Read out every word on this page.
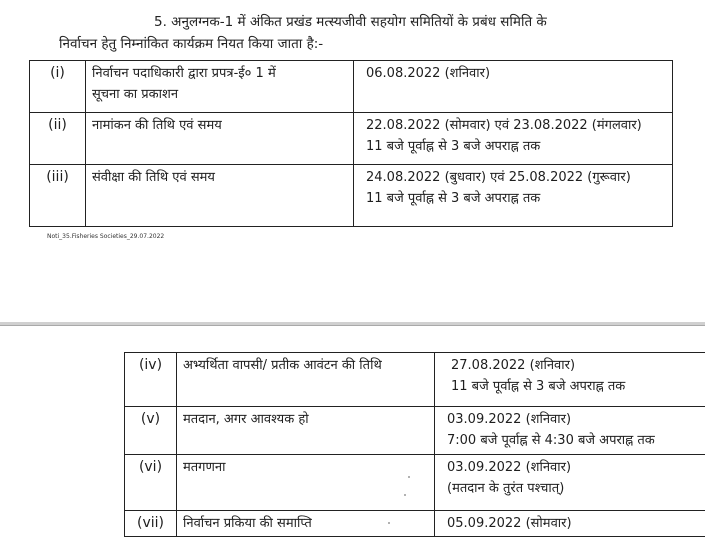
5. अनुलग्नक-1 में अंकित प्रखंड मत्स्यजीवी सहयोग समितियों के प्रबंध समिति के
निर्वाचन हेतु निम्नांकित कार्यक्रम नियत किया जाता है:-
(i)	निर्वाचन पदाधिकारी द्वारा प्रपत्र-ई० 1 में
सूचना का प्रकाशन	06.08.2022 (शनिवार)

(ii)	नामांकन की तिथि एवं समय	22.08.2022 (सोमवार) एवं 23.08.2022 (मंगलवार)
11 बजे पूर्वाह्न से 3 बजे अपराह्न तक

(iii)	संवीक्षा की तिथि एवं समय	24.08.2022 (बुधवार) एवं 25.08.2022 (गुरूवार)
11 बजे पूर्वाह्न से 3 बजे अपराह्न तक
Noti_35.Fisheries Societies_29.07.2022
(iv)	अभ्यर्थिता वापसी/ प्रतीक आवंटन की तिथि	27.08.2022 (शनिवार)
11 बजे पूर्वाह्न से 3 बजे अपराह्न तक

(v)	मतदान, अगर आवश्यक हो	03.09.2022 (शनिवार)
7:00 बजे पूर्वाह्न से 4:30 बजे अपराह्न तक

(vi)	मतगणना	03.09.2022 (शनिवार)
(मतदान के तुरंत पश्चात्)

(vii)	निर्वाचन प्रकिया की समाप्ति	05.09.2022 (सोमवार)
